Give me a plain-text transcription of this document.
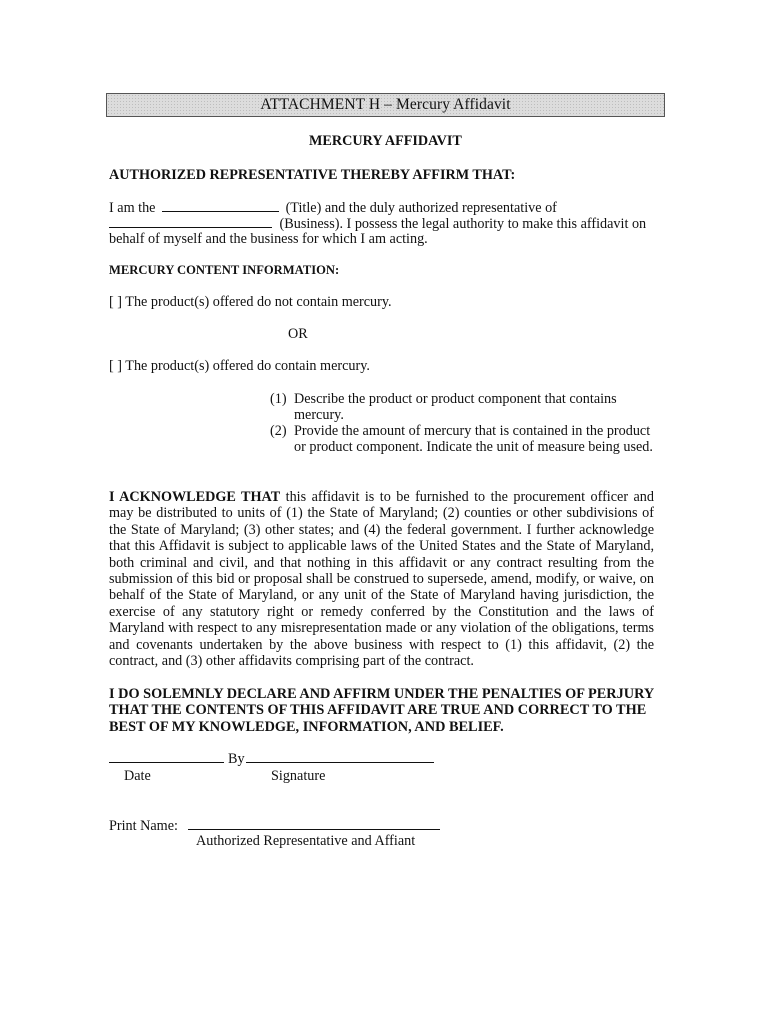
ATTACHMENT H – Mercury Affidavit
MERCURY AFFIDAVIT
AUTHORIZED REPRESENTATIVE THEREBY AFFIRM THAT:
I am the	(Title) and the duly authorized representative of
(Business). I possess the legal authority to make this affidavit on
behalf of myself and the business for which I am acting.
MERCURY CONTENT INFORMATION:
[ ] The product(s) offered do not contain mercury.
OR
[ ] The product(s) offered do contain mercury.
(1) Describe the product or product component that contains mercury.
(2) Provide the amount of mercury that is contained in the product or product component. Indicate the unit of measure being used.
I ACKNOWLEDGE THAT this affidavit is to be furnished to the procurement officer and may be distributed to units of (1) the State of Maryland; (2) counties or other subdivisions of the State of Maryland; (3) other states; and (4) the federal government. I further acknowledge that this Affidavit is subject to applicable laws of the United States and the State of Maryland, both criminal and civil, and that nothing in this affidavit or any contract resulting from the submission of this bid or proposal shall be construed to supersede, amend, modify, or waive, on behalf of the State of Maryland, or any unit of the State of Maryland having jurisdiction, the exercise of any statutory right or remedy conferred by the Constitution and the laws of Maryland with respect to any misrepresentation made or any violation of the obligations, terms and covenants undertaken by the above business with respect to (1) this affidavit, (2) the contract, and (3) other affidavits comprising part of the contract.
I DO SOLEMNLY DECLARE AND AFFIRM UNDER THE PENALTIES OF PERJURY THAT THE CONTENTS OF THIS AFFIDAVIT ARE TRUE AND CORRECT TO THE BEST OF MY KNOWLEDGE, INFORMATION, AND BELIEF.
By
Date	Signature
Print Name:
Authorized Representative and Affiant
